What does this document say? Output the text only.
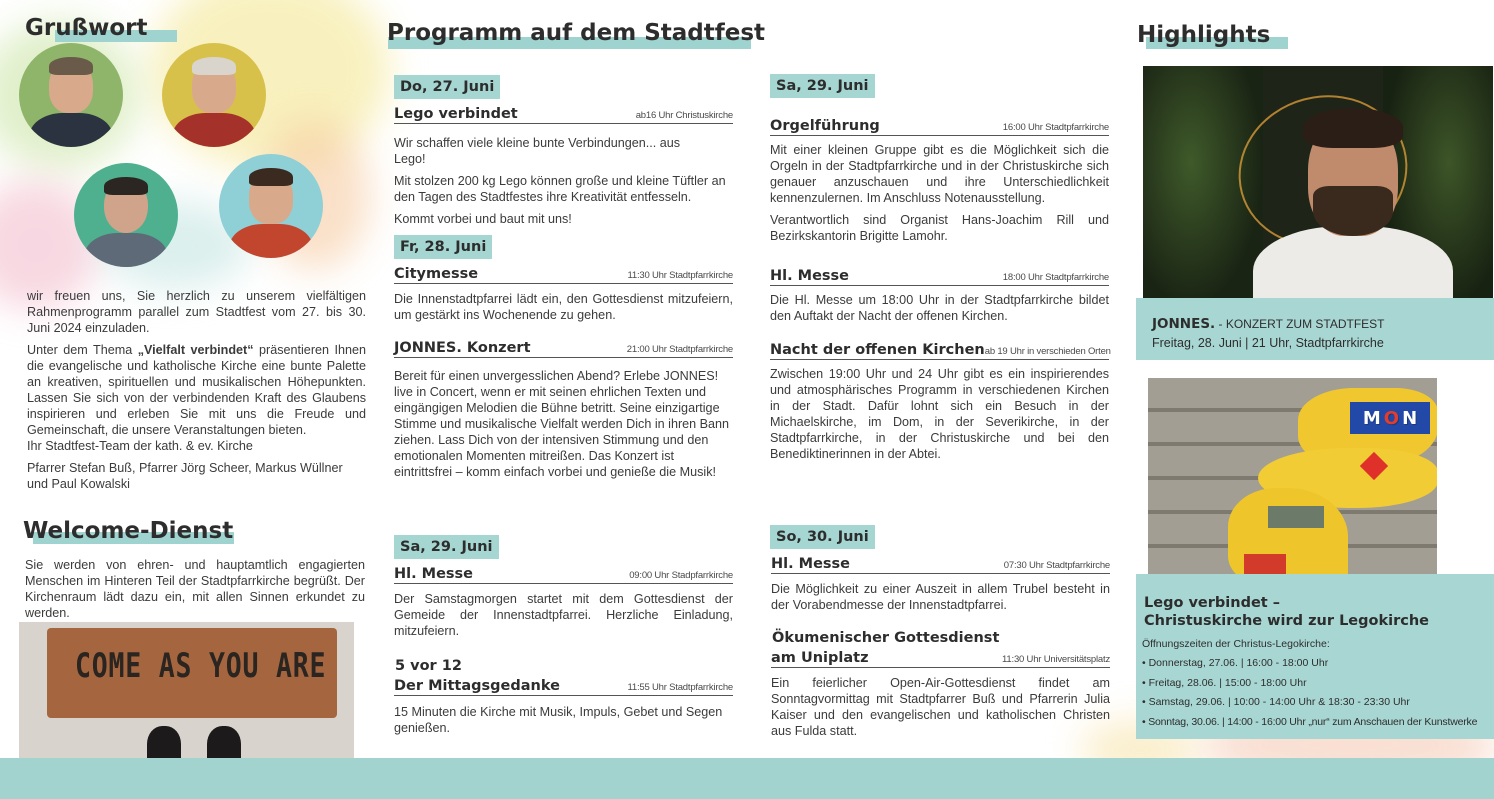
Grußwort

wir freuen uns, Sie herzlich zu unserem vielfältigen Rahmenprogramm parallel zum Stadtfest vom 27. bis 30. Juni 2024 einzuladen.

Unter dem Thema „Vielfalt verbindet“ präsentieren Ihnen die evangelische und katholische Kirche eine bunte Palette an kreativen, spirituellen und musikalischen Höhepunkten. Lassen Sie sich von der verbindenden Kraft des Glaubens inspirieren und erleben Sie mit uns die Freude und Gemeinschaft, die unsere Veranstaltungen bieten.

Ihr Stadtfest-Team der kath. & ev. Kirche

Pfarrer Stefan Buß, Pfarrer Jörg Scheer, Markus Wüllner und Paul Kowalski

Welcome-Dienst
Sie werden von ehren- und hauptamtlich engagierten Menschen im Hinteren Teil der Stadtpfarrkirche begrüßt. Der Kirchenraum lädt dazu ein, mit allen Sinnen erkundet zu werden.
COME AS YOU ARE
Programm auf dem Stadtfest
Do, 27. Juni
Lego verbindet	ab16 Uhr Christuskirche

Wir schaffen viele kleine bunte Verbindungen... aus Lego!

Mit stolzen 200 kg Lego können große und kleine Tüftler an den Tagen des Stadtfestes ihre Kreativität entfesseln.

Kommt vorbei und baut mit uns!

Fr, 28. Juni
Citymesse	11:30 Uhr Stadtpfarrkirche
Die Innenstadtpfarrei lädt ein, den Gottesdienst mitzufeiern, um gestärkt ins Wochenende zu gehen.
JONNES. Konzert	21:00 Uhr Stadtpfarrkirche
Bereit für einen unvergesslichen Abend? Erlebe JONNES! live in Concert, wenn er mit seinen ehrlichen Texten und eingängigen Melodien die Bühne betritt. Seine einzigartige Stimme und musikalische Vielfalt werden Dich in ihren Bann ziehen. Lass Dich von der intensiven Stimmung und den emotionalen Momenten mitreißen. Das Konzert ist eintrittsfrei – komm einfach vorbei und genieße die Musik!
Sa, 29. Juni
Hl. Messe	09:00 Uhr Stadpfarrkirche
Der Samstagmorgen startet mit dem Gottesdienst der Gemeide der Innenstadtpfarrei. Herzliche Einladung, mitzufeiern.
5 vor 12
Der Mittagsgedanke	11:55 Uhr Stadtpfarrkirche
15 Minuten die Kirche mit Musik, Impuls, Gebet und Segen genießen.
Sa, 29. Juni
Orgelführung	16:00 Uhr Stadtpfarrkirche

Mit einer kleinen Gruppe gibt es die Möglichkeit sich die Orgeln in der Stadtpfarrkirche und in der Christuskirche sich genauer anzuschauen und ihre Unterschiedlichkeit kennenzulernen. Im Anschluss Notenausstellung.

Verantwortlich sind Organist Hans-Joachim Rill und Bezirkskantorin Brigitte Lamohr.

Hl. Messe	18:00 Uhr Stadtpfarrkirche
Die Hl. Messe um 18:00 Uhr in der Stadtpfarrkirche bildet den Auftakt der Nacht der offenen Kirchen.
Nacht der offenen Kirchen ab 19 Uhr in verschieden Orten
Zwischen 19:00 Uhr und 24 Uhr gibt es ein inspirierendes und atmosphärisches Programm in verschiedenen Kirchen in der Stadt. Dafür lohnt sich ein Besuch in der Michaelskirche, im Dom, in der Severikirche, in der Stadtpfarrkirche, in der Christuskirche und bei den Benediktinerinnen in der Abtei.
So, 30. Juni
Hl. Messe	07:30 Uhr Stadtpfarrkirche
Die Möglichkeit zu einer Auszeit in allem Trubel besteht in der Vorabendmesse der Innenstadtpfarrei.
Ökumenischer Gottesdienst
am Uniplatz	11:30 Uhr Universitätsplatz
Ein feierlicher Open-Air-Gottesdienst findet am Sonntagvormittag mit Stadtpfarrer Buß und Pfarrerin Julia Kaiser und den evangelischen und katholischen Christen aus Fulda statt.
Highlights
JONNES. - KONZERT ZUM STADTFEST
Freitag, 28. Juni | 21 Uhr, Stadtpfarrkirche
M O N
Lego verbindet –
Christuskirche wird zur Legokirche
Öffnungszeiten der Christus-Legokirche:
• Donnerstag, 27.06. | 16:00 - 18:00 Uhr
• Freitag, 28.06. | 15:00 - 18:00 Uhr
• Samstag, 29.06. | 10:00 - 14:00 Uhr & 18:30 - 23:30 Uhr
• Sonntag, 30.06. | 14:00 - 16:00 Uhr „nur“ zum Anschauen der Kunstwerke
